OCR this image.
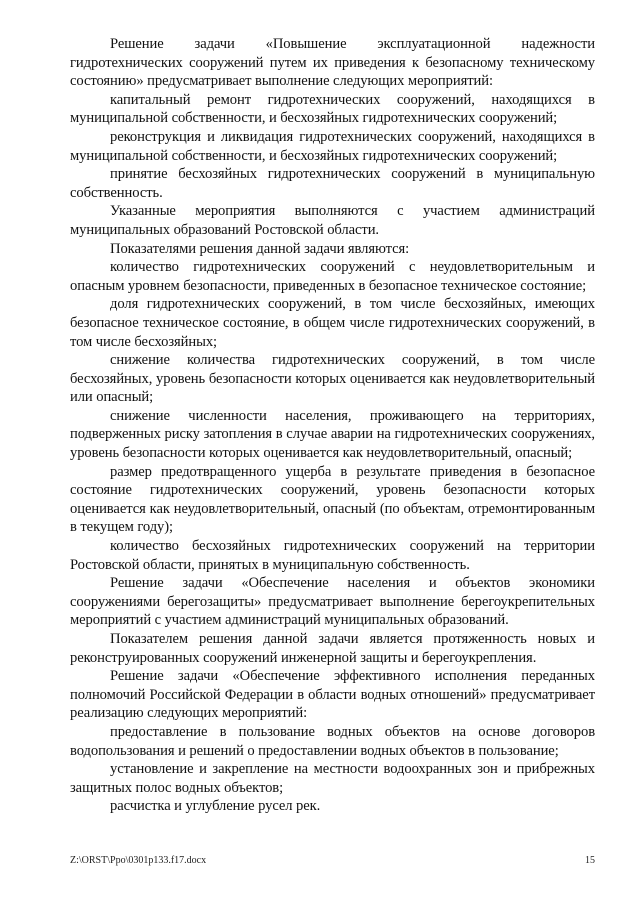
Решение задачи «Повышение эксплуатационной надежности гидротехнических сооружений путем их приведения к безопасному техническому состоянию» предусматривает выполнение следующих мероприятий:

капитальный ремонт гидротехнических сооружений, находящихся в муниципальной собственности, и бесхозяйных гидротехнических сооружений;

реконструкция и ликвидация гидротехнических сооружений, находящихся в муниципальной собственности, и бесхозяйных гидротехнических сооружений;

принятие бесхозяйных гидротехнических сооружений в муниципальную собственность.

Указанные мероприятия выполняются с участием администраций муниципальных образований Ростовской области.

Показателями решения данной задачи являются:

количество гидротехнических сооружений с неудовлетворительным и опасным уровнем безопасности, приведенных в безопасное техническое состояние;

доля гидротехнических сооружений, в том числе бесхозяйных, имеющих безопасное техническое состояние, в общем числе гидротехнических сооружений, в том числе бесхозяйных;

снижение количества гидротехнических сооружений, в том числе бесхозяйных, уровень безопасности которых оценивается как неудовлетворительный или опасный;

снижение численности населения, проживающего на территориях, подверженных риску затопления в случае аварии на гидротехнических сооружениях, уровень безопасности которых оценивается как неудовлетворительный, опасный;

размер предотвращенного ущерба в результате приведения в безопасное состояние гидротехнических сооружений, уровень безопасности которых оценивается как неудовлетворительный, опасный (по объектам, отремонтированным в текущем году);

количество бесхозяйных гидротехнических сооружений на территории Ростовской области, принятых в муниципальную собственность.

Решение задачи «Обеспечение населения и объектов экономики сооружениями берегозащиты» предусматривает выполнение берегоукрепительных мероприятий с участием администраций муниципальных образований.

Показателем решения данной задачи является протяженность новых и реконструированных сооружений инженерной защиты и берегоукрепления.

Решение задачи «Обеспечение эффективного исполнения переданных полномочий Российской Федерации в области водных отношений» предусматривает реализацию следующих мероприятий:

предоставление в пользование водных объектов на основе договоров водопользования и решений о предоставлении водных объектов в пользование;

установление и закрепление на местности водоохранных зон и прибрежных защитных полос водных объектов;

расчистка и углубление русел рек.

Z:\ORST\Ppo\0301p133.f17.docx	15
